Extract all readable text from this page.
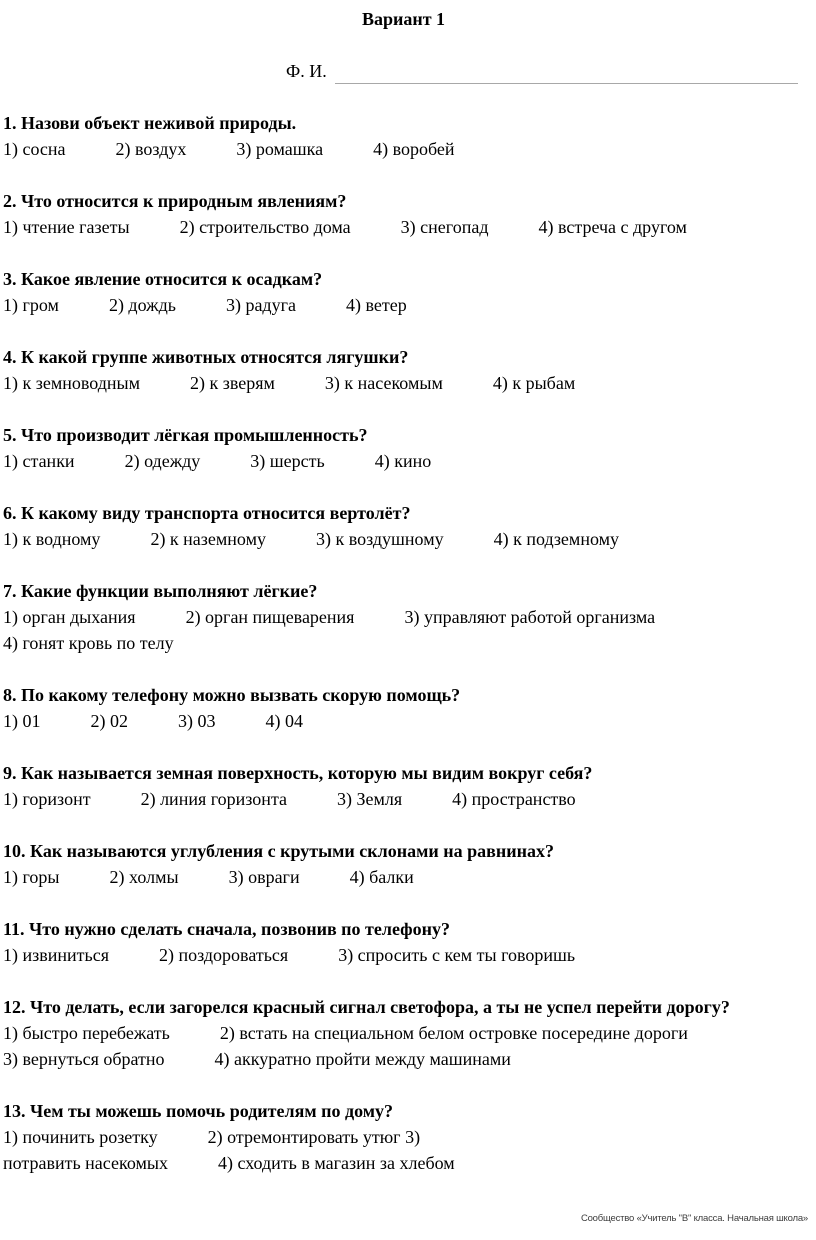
Вариант 1
Ф. И.
1. Назови объект неживой природы.
1) сосна	2) воздух	3) ромашка	4) воробей
2. Что относится к природным явлениям?
1) чтение газеты	2) строительство дома	3) снегопад	4) встреча с другом
3. Какое явление относится к осадкам?
1) гром	2) дождь	3) радуга	4) ветер
4. К какой группе животных относятся лягушки?
1) к земноводным	2) к зверям	3) к насекомым	4) к рыбам
5. Что производит лёгкая промышленность?
1) станки	2) одежду	3) шерсть	4) кино
6. К какому виду транспорта относится вертолёт?
1) к водному	2) к наземному	3) к воздушному	4) к подземному
7. Какие функции выполняют лёгкие?
1) орган дыхания	2) орган пищеварения	3) управляют работой организма
4) гонят кровь по телу
8. По какому телефону можно вызвать скорую помощь?
1) 01	2) 02	3) 03	4) 04
9. Как называется земная поверхность, которую мы видим вокруг себя?
1) горизонт	2) линия горизонта	3) Земля	4) пространство
10. Как называются углубления с крутыми склонами на равнинах?
1) горы	2) холмы	3) овраги	4) балки
11. Что нужно сделать сначала, позвонив по телефону?
1) извиниться	2) поздороваться	3) спросить с кем ты говоришь
12. Что делать, если загорелся красный сигнал светофора, а ты не успел перейти дорогу?
1) быстро перебежать	2) встать на специальном белом островке посередине дороги
3) вернуться обратно	4) аккуратно пройти между машинами
13. Чем ты можешь помочь родителям по дому?
1) починить розетку	2) отремонтировать утюг 3)
потравить насекомых	4) сходить в магазин за хлебом
Сообщество «Учитель "В" класса. Начальная школа»
